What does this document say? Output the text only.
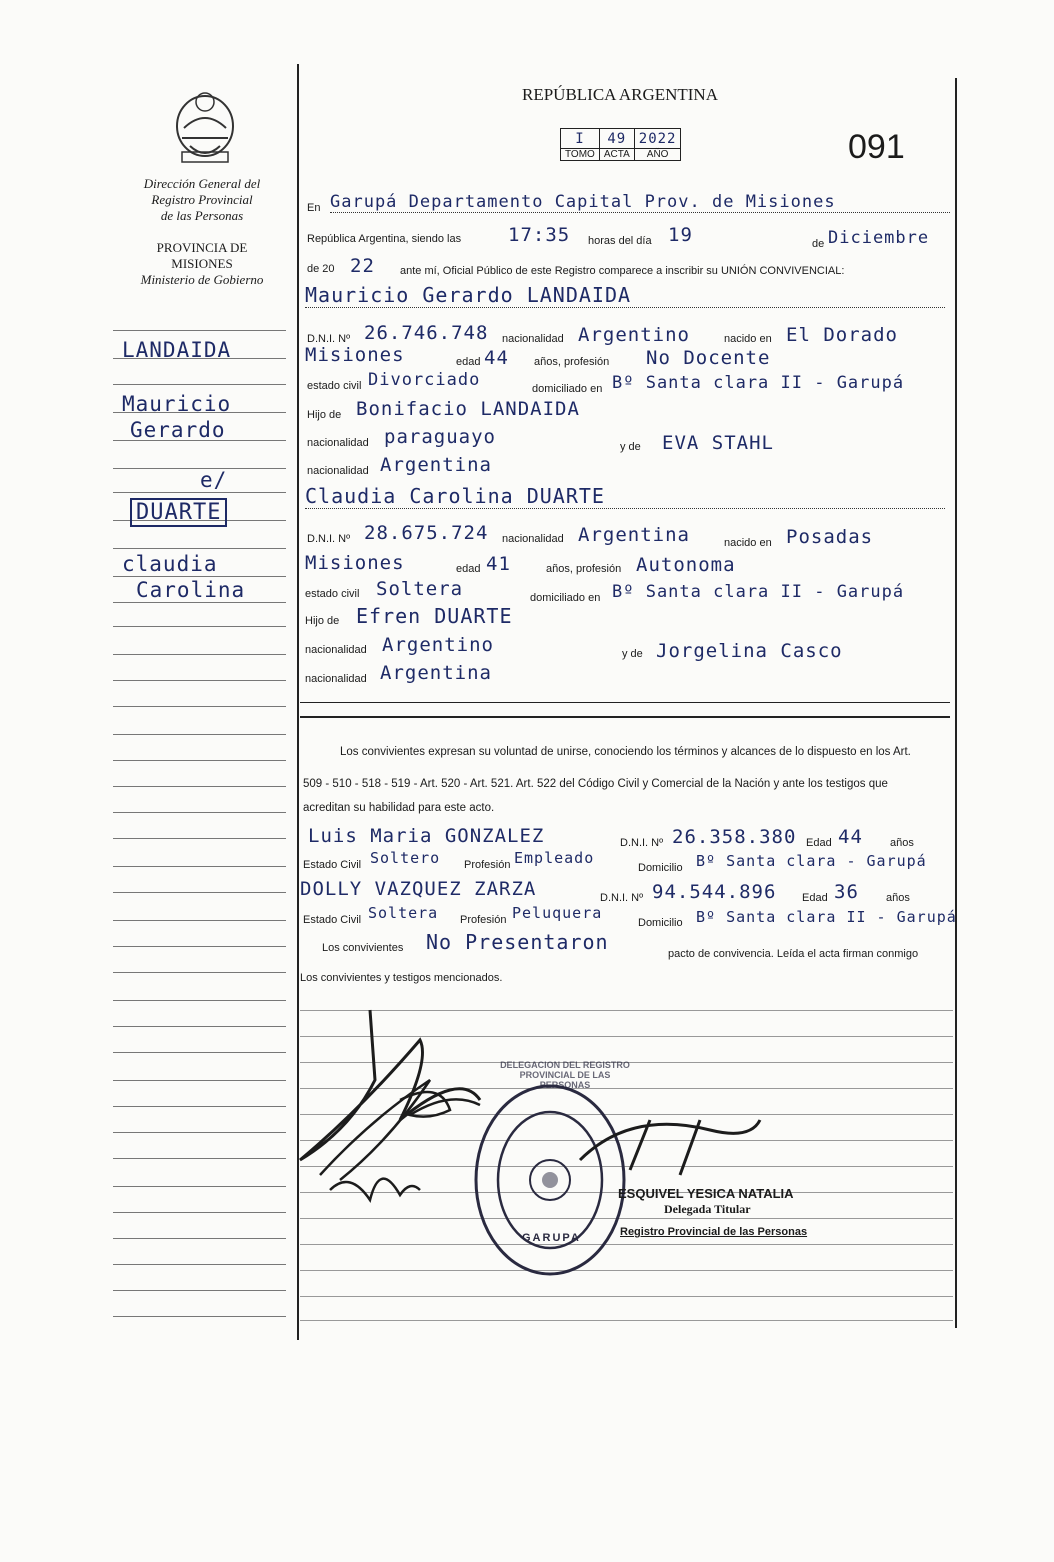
Dirección General del
Registro Provincial
de las Personas
PROVINCIA DE
MISIONES
Ministerio de Gobierno
LANDAIDA
Mauricio
Gerardo
e/
DUARTE
claudia
Carolina
REPÚBLICA ARGENTINA
I	49	2022
TOMO	ACTA	AÑO	091
En Garupá Departamento Capital Prov. de Misiones
República Argentina, siendo las 17:35 horas del día 19	de Diciembre
de 20 22 ante mí, Oficial Público de este Registro comparece a inscribir su UNIÓN CONVIVENCIAL:
Mauricio Gerardo LANDAIDA
D.N.I. Nº 26.746.748 nacionalidad Argentino	nacido en El Dorado
Misiones	edad 44 años, profesión No Docente
estado civil Divorciado	domiciliado en Bº Santa clara II - Garupá
Hijo de Bonifacio LANDAIDA
nacionalidad paraguayo	y de EVA STAHL
nacionalidad Argentina
Claudia Carolina DUARTE
D.N.I. Nº 28.675.724 nacionalidad Argentina	nacido en Posadas
Misiones	edad 41	años, profesión Autonoma
estado civil Soltera	domiciliado en Bº Santa clara II - Garupá
Hijo de Efren DUARTE
nacionalidad Argentino	y de Jorgelina Casco
nacionalidad Argentina
Los convivientes expresan su voluntad de unirse, conociendo los términos y alcances de lo dispuesto en los Art.
509 - 510 - 518 - 519 - Art. 520 - Art. 521. Art. 522 del Código Civil y Comercial de la Nación y ante los testigos que
acreditan su habilidad para este acto.
Luis Maria GONZALEZ	D.N.I. Nº 26.358.380 Edad 44 años
Estado Civil Soltero Profesión Empleado
Domicilio Bº Santa clara - Garupá
DOLLY VAZQUEZ ZARZA	D.N.I. Nº 94.544.896 Edad 36 años
Estado Civil Soltera Profesión Peluquera
Domicilio Bº Santa clara II - Garupá
Los convivientes No Presentaron	pacto de convivencia. Leída el acta firman conmigo
Los convivientes y testigos mencionados.
DELEGACION DEL REGISTRO PROVINCIAL DE LAS PERSONAS
GARUPA
ESQUIVEL YESICA NATALIA
Delegada Titular
Registro Provincial de las Personas
